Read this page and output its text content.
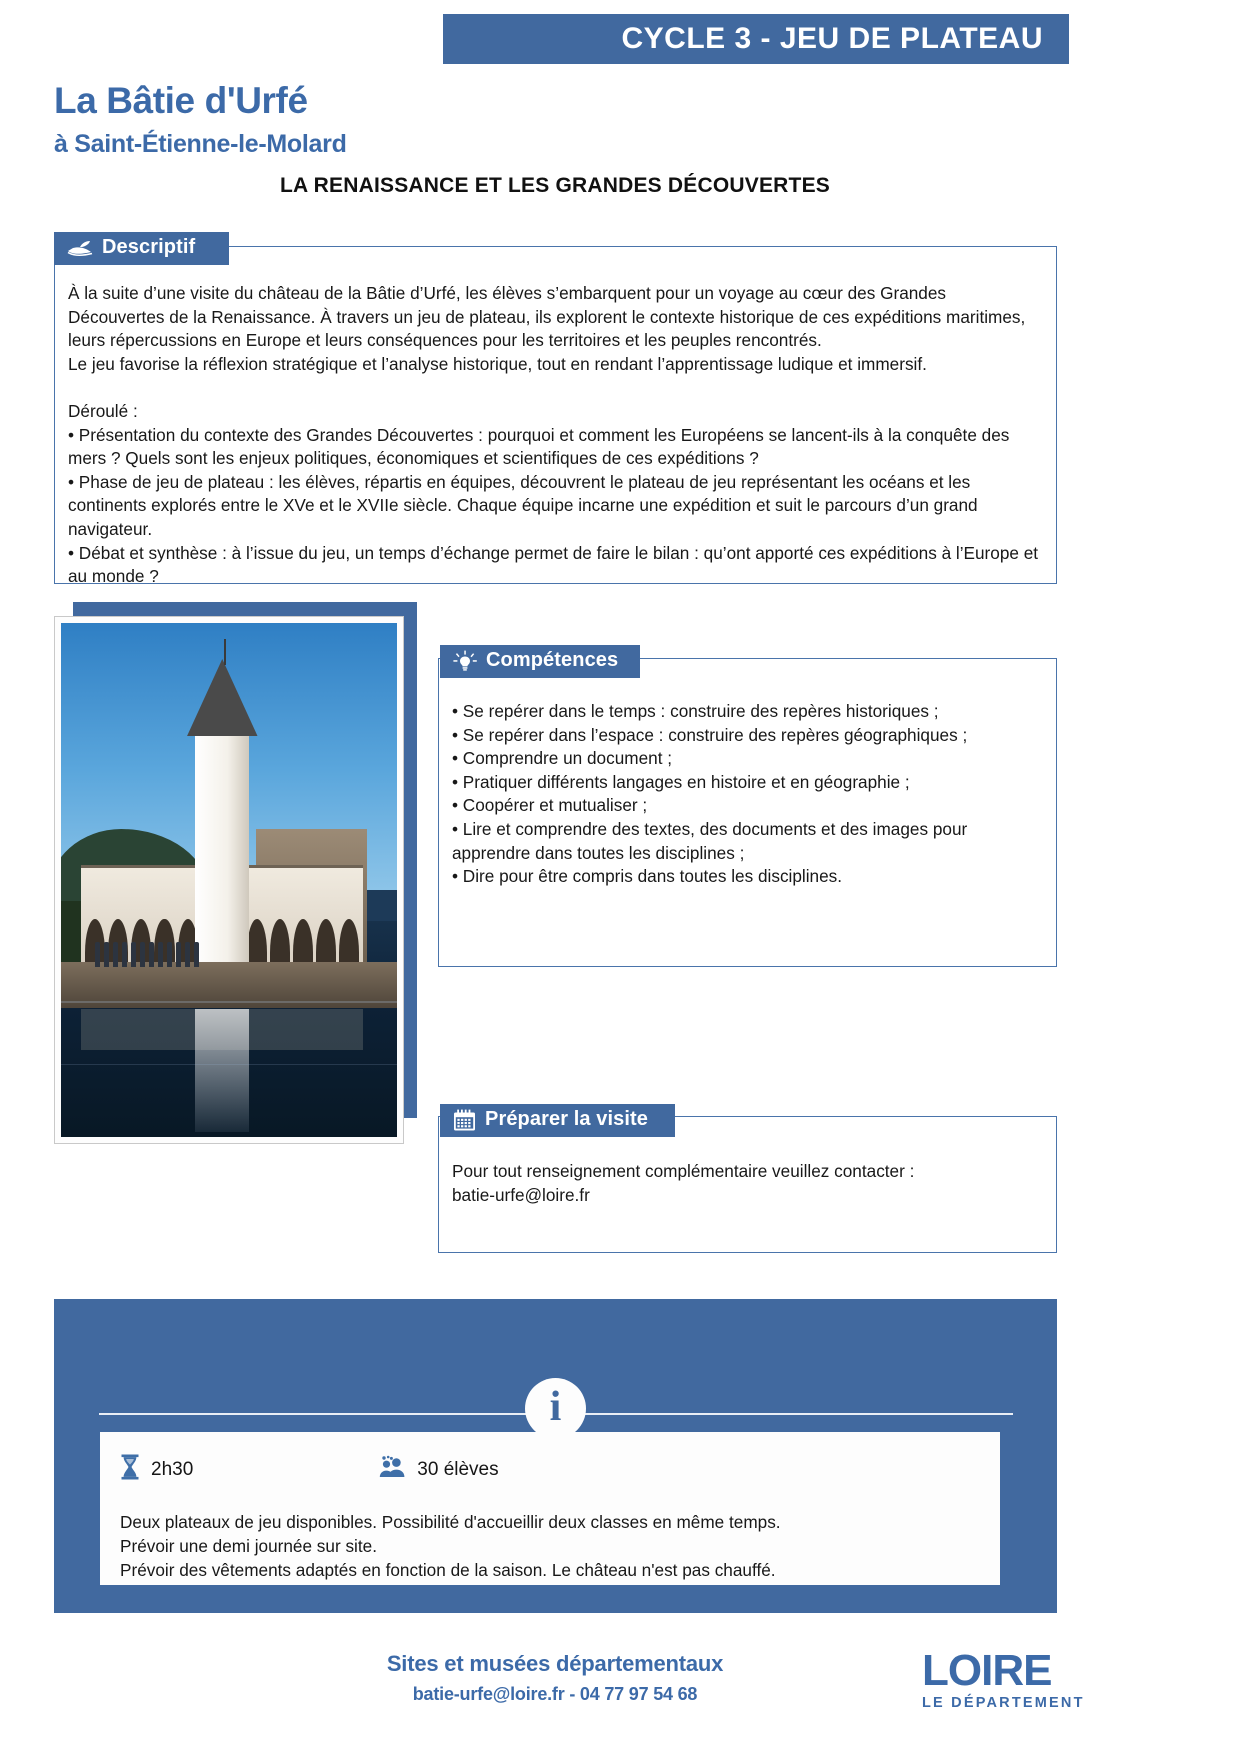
CYCLE 3 - JEU DE PLATEAU
La Bâtie d'Urfé
à Saint-Étienne-le-Molard
LA RENAISSANCE ET LES GRANDES DÉCOUVERTES
Descriptif

À la suite d’une visite du château de la Bâtie d’Urfé, les élèves s’embarquent pour un voyage au cœur des Grandes Découvertes de la Renaissance. À travers un jeu de plateau, ils explorent le contexte historique de ces expéditions maritimes, leurs répercussions en Europe et leurs conséquences pour les territoires et les peuples rencontrés.

Le jeu favorise la réflexion stratégique et l’analyse historique, tout en rendant l’apprentissage ludique et immersif.

Déroulé :

• Présentation du contexte des Grandes Découvertes : pourquoi et comment les Européens se lancent-ils à la conquête des mers ? Quels sont les enjeux politiques, économiques et scientifiques de ces expéditions ?

• Phase de jeu de plateau : les élèves, répartis en équipes, découvrent le plateau de jeu représentant les océans et les continents explorés entre le XVe et le XVIIe siècle. Chaque équipe incarne une expédition et suit le parcours d’un grand navigateur.

• Débat et synthèse : à l’issue du jeu, un temps d’échange permet de faire le bilan : qu’ont apporté ces expéditions à l’Europe et au monde ?

Compétences

• Se repérer dans le temps : construire des repères historiques ;

• Se repérer dans l’espace : construire des repères géographiques ;

• Comprendre un document ;

• Pratiquer différents langages en histoire et en géographie ;

• Coopérer et mutualiser ;

• Lire et comprendre des textes, des documents et des images pour apprendre dans toutes les disciplines ;

• Dire pour être compris dans toutes les disciplines.

Préparer la visite

Pour tout renseignement complémentaire veuillez contacter :

batie-urfe@loire.fr

i
2h30	30 élèves

Deux plateaux de jeu disponibles. Possibilité d'accueillir deux classes en même temps.

Prévoir une demi journée sur site.

Prévoir des vêtements adaptés en fonction de la saison. Le château n'est pas chauffé.

Sites et musées départementaux
batie-urfe@loire.fr - 04 77 97 54 68	LOIRE
LE DÉPARTEMENT
